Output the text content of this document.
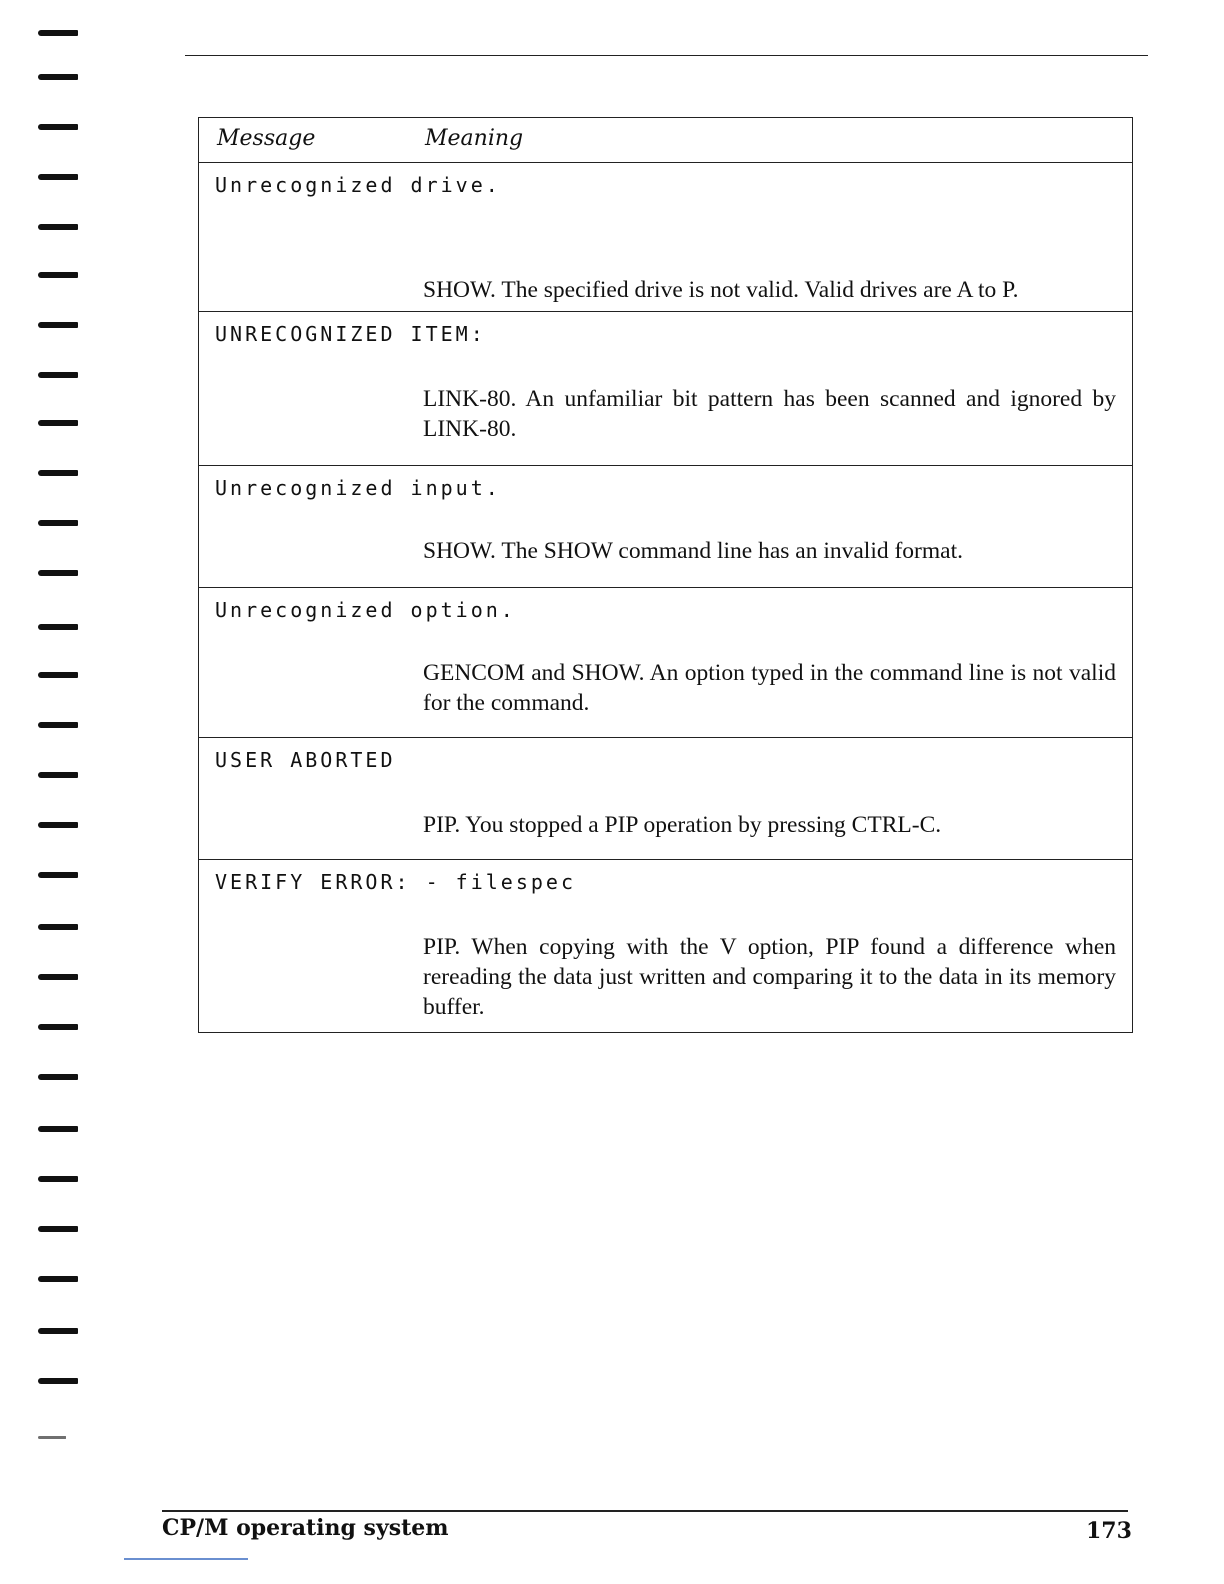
Message	Meaning
Unrecognized drive.
SHOW. The specified drive is not valid. Valid drives are A to P.
UNRECOGNIZED ITEM:
LINK-80. An unfamiliar bit pattern has been scanned and ignored by LINK-80.
Unrecognized input.
SHOW. The SHOW command line has an invalid format.
Unrecognized option.
GENCOM and SHOW. An option typed in the command line is not valid for the command.
USER ABORTED
PIP. You stopped a PIP operation by pressing CTRL-C.
VERIFY ERROR: - filespec
PIP. When copying with the V option, PIP found a difference when rereading the data just written and comparing it to the data in its memory buffer.
CP/M operating system	173
